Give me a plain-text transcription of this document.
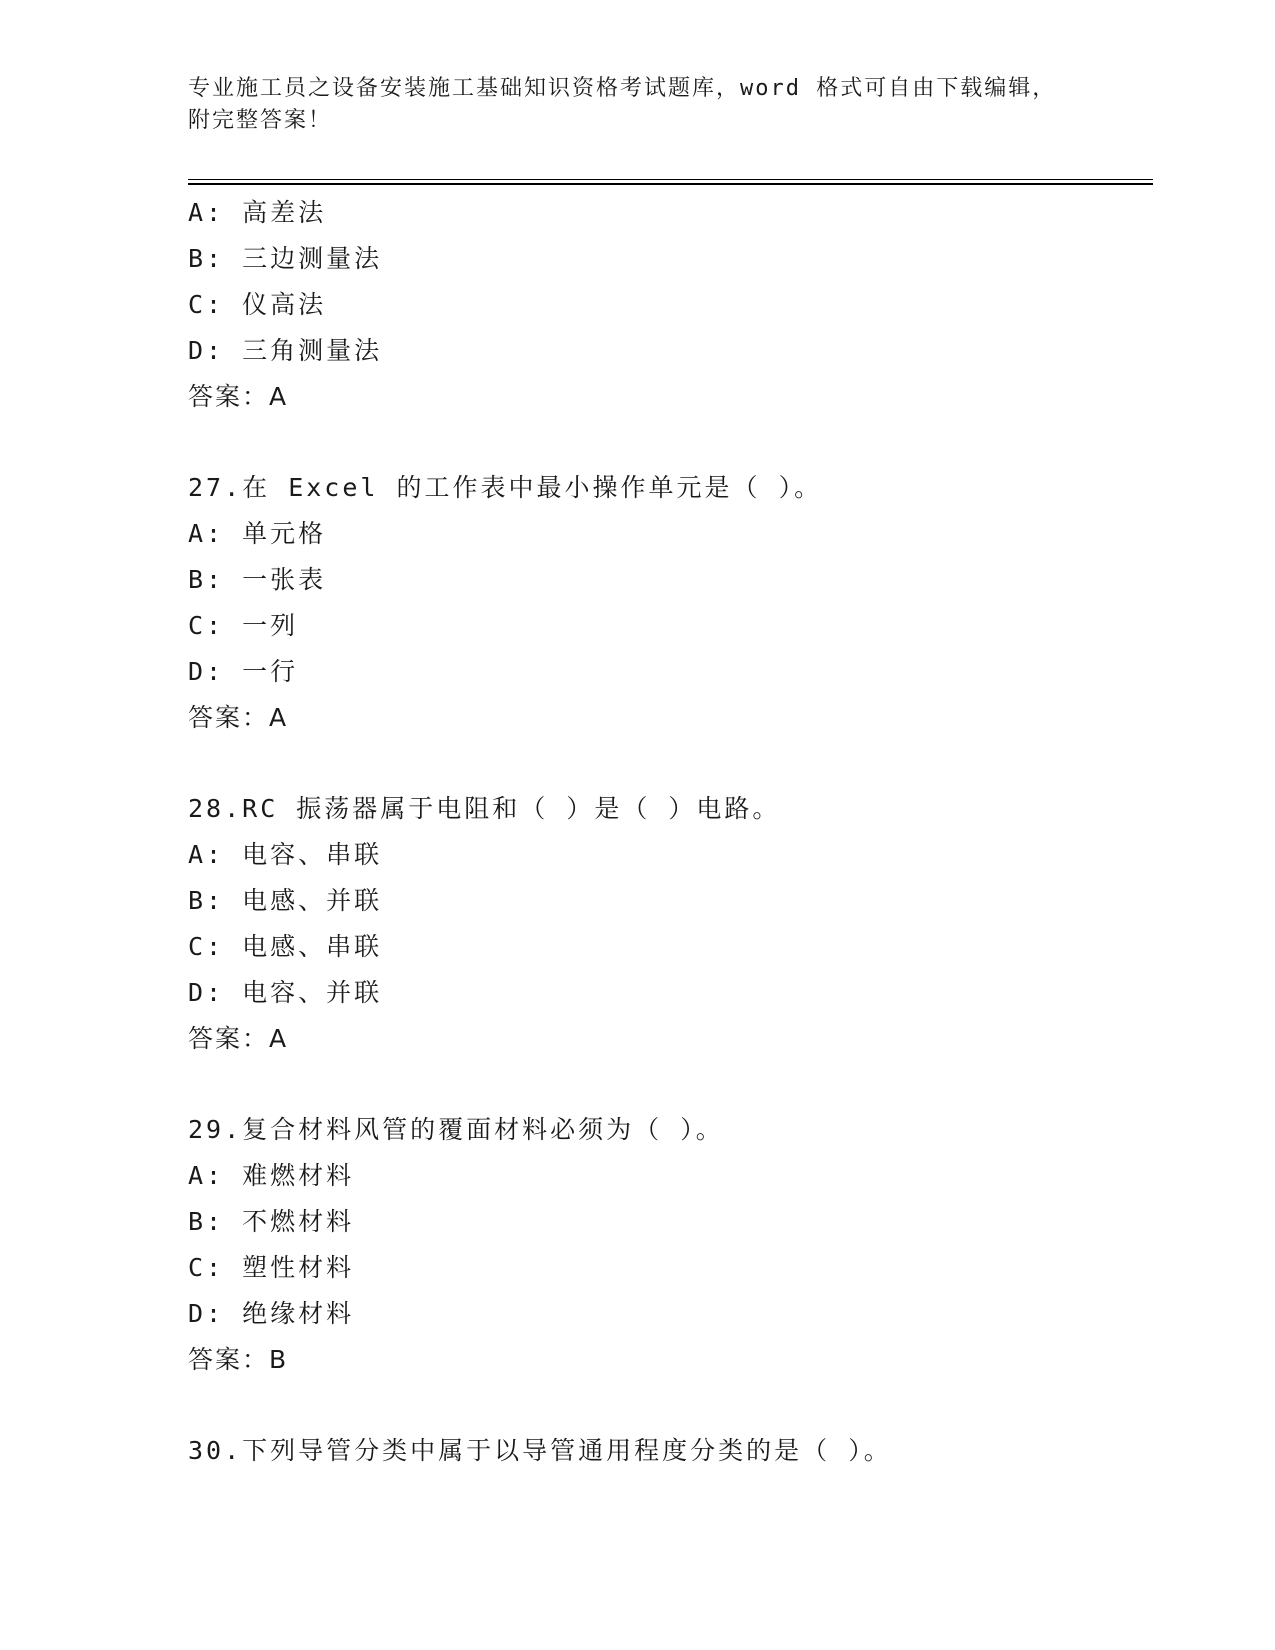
专业施工员之设备安装施工基础知识资格考试题库，word 格式可自由下载编辑，
附完整答案！
A: 高差法
B: 三边测量法
C: 仪高法
D: 三角测量法
答案：A
27.在 Excel 的工作表中最小操作单元是（ ）。
A: 单元格
B: 一张表
C: 一列
D: 一行
答案：A
28.RC 振荡器属于电阻和（ ）是（ ）电路。
A: 电容、串联
B: 电感、并联
C: 电感、串联
D: 电容、并联
答案：A
29.复合材料风管的覆面材料必须为（ ）。
A: 难燃材料
B: 不燃材料
C: 塑性材料
D: 绝缘材料
答案：B
30.下列导管分类中属于以导管通用程度分类的是（ ）。
